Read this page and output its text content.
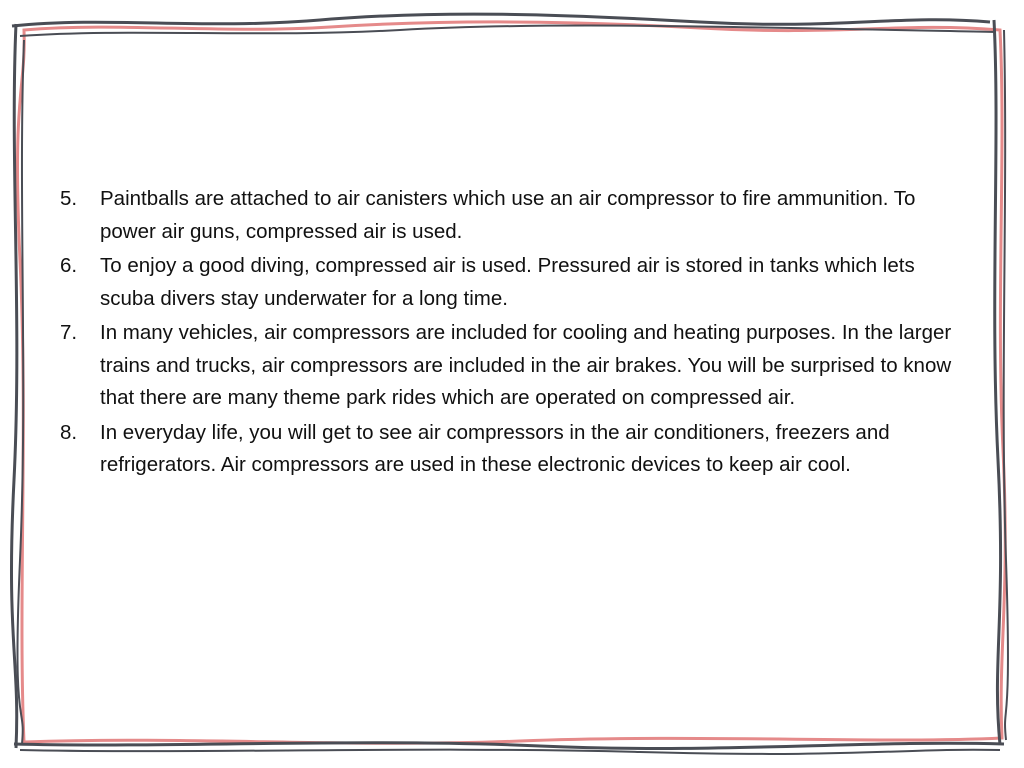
5.	Paintballs are attached to air canisters which use an air compressor to fire ammunition. To power air guns, compressed air is used.
6.	To enjoy a good diving, compressed air is used. Pressured air is stored in tanks which lets scuba divers stay underwater for a long time.
7.	In many vehicles, air compressors are included for cooling and heating purposes. In the larger trains and trucks, air compressors are included in the air brakes. You will be surprised to know that there are many theme park rides which are operated on compressed air.
8.	In everyday life, you will get to see air compressors in the air conditioners, freezers and refrigerators. Air compressors are used in these electronic devices to keep air cool.
